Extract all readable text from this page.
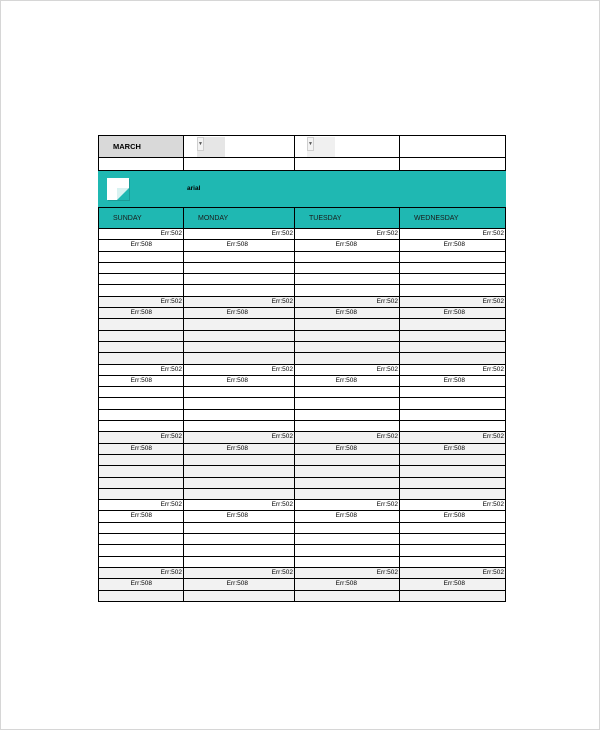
MARCH	▼	▼
arial
SUNDAY	MONDAY	TUESDAY	WEDNESDAY
Err:502	Err:502	Err:502	Err:502
Err:508	Err:508	Err:508	Err:508
Err:502	Err:502	Err:502	Err:502
Err:508	Err:508	Err:508	Err:508
Err:502	Err:502	Err:502	Err:502
Err:508	Err:508	Err:508	Err:508
Err:502	Err:502	Err:502	Err:502
Err:508	Err:508	Err:508	Err:508
Err:502	Err:502	Err:502	Err:502
Err:508	Err:508	Err:508	Err:508
Err:502	Err:502	Err:502	Err:502
Err:508	Err:508	Err:508	Err:508
